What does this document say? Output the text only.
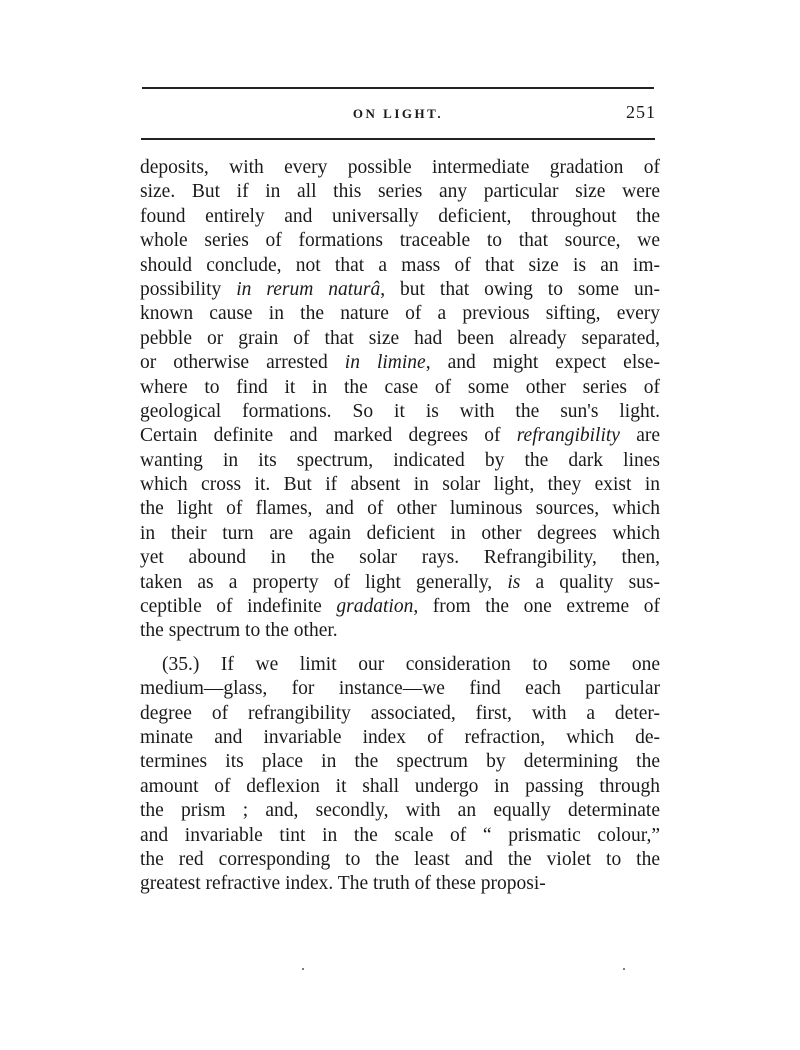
ON LIGHT.	251
deposits, with every possible intermediate gradation of
size. But if in all this series any particular size were
found entirely and universally deficient, throughout the
whole series of formations traceable to that source, we
should conclude, not that a mass of that size is an im-
possibility in rerum naturâ, but that owing to some un-
known cause in the nature of a previous sifting, every
pebble or grain of that size had been already separated,
or otherwise arrested in limine, and might expect else-
where to find it in the case of some other series of
geological formations. So it is with the sun's light.
Certain definite and marked degrees of refrangibility are
wanting in its spectrum, indicated by the dark lines
which cross it. But if absent in solar light, they exist in
the light of flames, and of other luminous sources, which
in their turn are again deficient in other degrees which
yet abound in the solar rays. Refrangibility, then,
taken as a property of light generally, is a quality sus-
ceptible of indefinite gradation, from the one extreme of
the spectrum to the other.
(35.) If we limit our consideration to some one
medium—glass, for instance—we find each particular
degree of refrangibility associated, first, with a deter-
minate and invariable index of refraction, which de-
termines its place in the spectrum by determining the
amount of deflexion it shall undergo in passing through
the prism ; and, secondly, with an equally determinate
and invariable tint in the scale of “ prismatic colour,”
the red corresponding to the least and the violet to the
greatest refractive index. The truth of these proposi-
